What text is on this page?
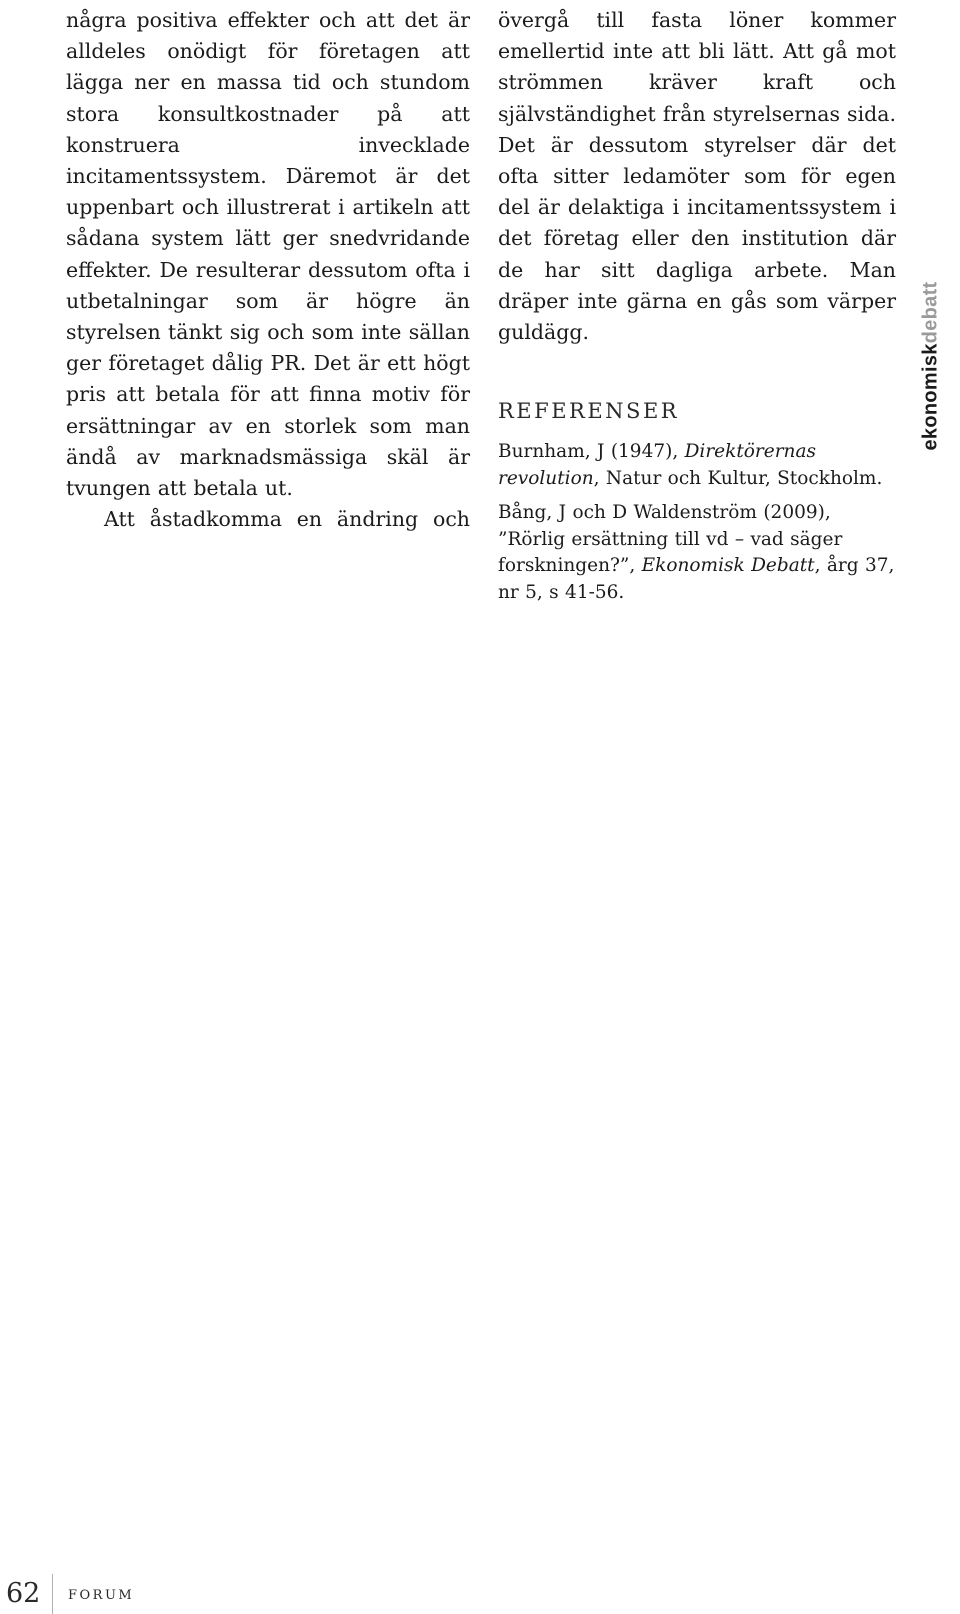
några positiva effekter och att det är alldeles onödigt för företagen att lägga ner en massa tid och stundom stora konsultkostnader på att konstruera invecklade incitamentssystem. Däremot är det uppenbart och illustrerat i artikeln att sådana system lätt ger snedvridande effekter. De resulterar dessutom ofta i utbetalningar som är högre än styrelsen tänkt sig och som inte sällan ger företaget dålig PR. Det är ett högt pris att betala för att finna motiv för ersättningar av en storlek som man ändå av marknadsmässiga skäl är tvungen att betala ut.

Att åstadkomma en ändring och

övergå till fasta löner kommer emellertid inte att bli lätt. Att gå mot strömmen kräver kraft och självständighet från styrelsernas sida. Det är dessutom styrelser där det ofta sitter ledamöter som för egen del är delaktiga i incitamentssystem i det företag eller den institution där de har sitt dagliga arbete. Man dräper inte gärna en gås som värper guldägg.

REFERENSER

Burnham, J (1947), Direktörernas revolution, Natur och Kultur, Stockholm.

Bång, J och D Waldenström (2009), ”Rörlig ersättning till vd – vad säger forskningen?”, Ekonomisk Debatt, årg 37, nr 5, s 41-56.

ekonomiskdebatt
62 FORUM
